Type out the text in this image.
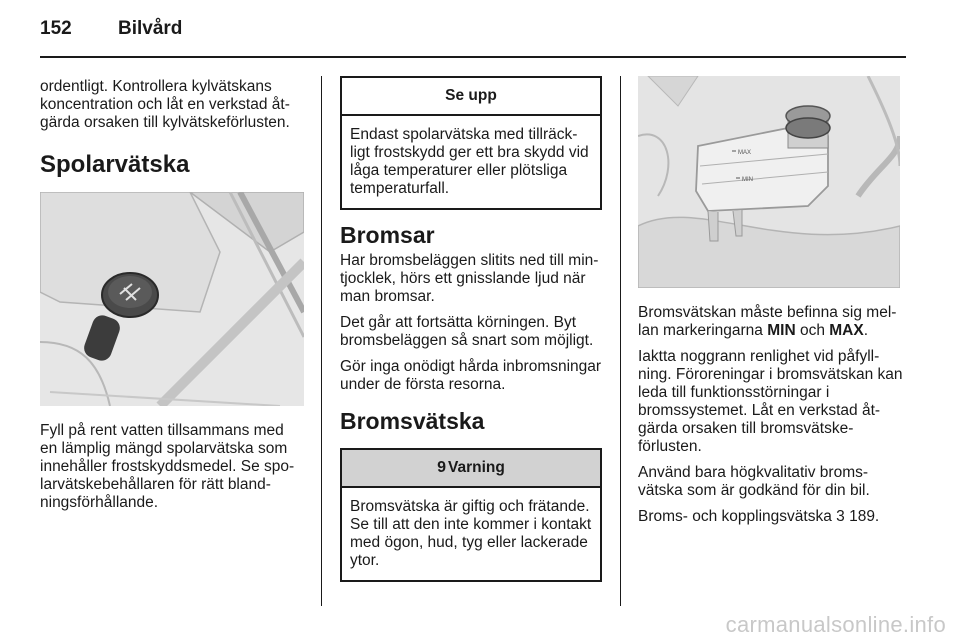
152 Bilvård

ordentligt. Kontrollera kylvätskans koncentration och låt en verkstad åtgärda orsaken till kylvätskeförlusten.

Spolarvätska

Fyll på rent vatten tillsammans med en lämplig mängd spolarvätska som innehåller frostskyddsmedel. Se spolarvätskebehållaren för rätt blandningsförhållande.

Se upp
Endast spolarvätska med tillräckligt frostskydd ger ett bra skydd vid låga temperaturer eller plötsliga temperaturfall.
Bromsar

Har bromsbeläggen slitits ned till mintjocklek, hörs ett gnisslande ljud när man bromsar.

Det går att fortsätta körningen. Byt bromsbeläggen så snart som möjligt.

Gör inga onödigt hårda inbromsningar under de första resorna.

Bromsvätska
9 Varning
Bromsvätska är giftig och frätande. Se till att den inte kommer i kontakt med ögon, hud, tyg eller lackerade ytor.
MAX
MIN

Bromsvätskan måste befinna sig mellan markeringarna MIN och MAX.

Iaktta noggrann renlighet vid påfyllning. Föroreningar i bromsvätskan kan leda till funktionsstörningar i bromssystemet. Låt en verkstad åtgärda orsaken till bromsvätskeförlusten.

Använd bara högkvalitativ bromsvätska som är godkänd för din bil.

Broms- och kopplingsvätska 3 189.

carmanualsonline.info
